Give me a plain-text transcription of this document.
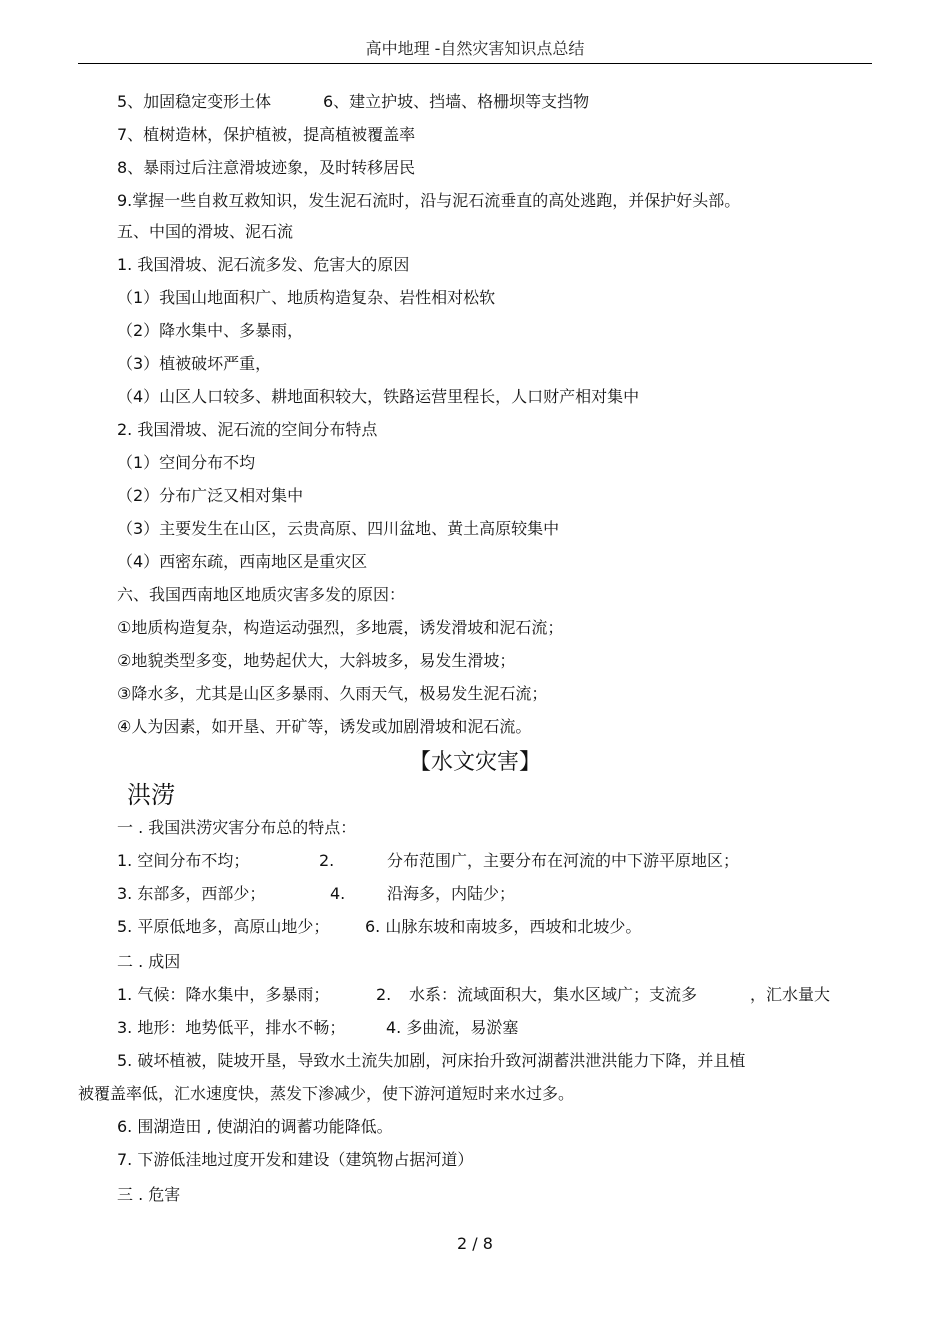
高中地理 -自然灾害知识点总结
5、加固稳定变形土体	6、建立护坡、挡墙、格栅坝等支挡物
7、植树造林，保护植被，提高植被覆盖率
8、暴雨过后注意滑坡迹象，及时转移居民
9.掌握一些自救互救知识，发生泥石流时，沿与泥石流垂直的高处逃跑，并保护好头部。
五、中国的滑坡、泥石流
1. 我国滑坡、泥石流多发、危害大的原因
（1）我国山地面积广、地质构造复杂、岩性相对松软
（2）降水集中、多暴雨，
（3）植被破坏严重，
（4）山区人口较多、耕地面积较大，铁路运营里程长，人口财产相对集中
2. 我国滑坡、泥石流的空间分布特点
（1）空间分布不均
（2）分布广泛又相对集中
（3）主要发生在山区，云贵高原、四川盆地、黄土高原较集中
（4）西密东疏，西南地区是重灾区
六、我国西南地区地质灾害多发的原因：
①地质构造复杂，构造运动强烈，多地震，诱发滑坡和泥石流；
②地貌类型多变，地势起伏大，大斜坡多，易发生滑坡；
③降水多，尤其是山区多暴雨、久雨天气，极易发生泥石流；
④人为因素，如开垦、开矿等，诱发或加剧滑坡和泥石流。
【水文灾害】
洪涝
一 . 我国洪涝灾害分布总的特点：
1. 空间分布不均；	2.	分布范围广，主要分布在河流的中下游平原地区；
3. 东部多，西部少；	4.	沿海多，内陆少；
5. 平原低地多，高原山地少； 6. 山脉东坡和南坡多，西坡和北坡少。
二 . 成因
1. 气候：降水集中，多暴雨；	2. 水系：流域面积大，集水区域广；支流多	，汇水量大
3. 地形：地势低平，排水不畅；	4. 多曲流，易淤塞
5. 破坏植被，陡坡开垦，导致水土流失加剧，河床抬升致河湖蓄洪泄洪能力下降，并且植
被覆盖率低，汇水速度快，蒸发下渗减少，使下游河道短时来水过多。
6. 围湖造田 , 使湖泊的调蓄功能降低。
7. 下游低洼地过度开发和建设（建筑物占据河道）
三 . 危害
2 / 8
